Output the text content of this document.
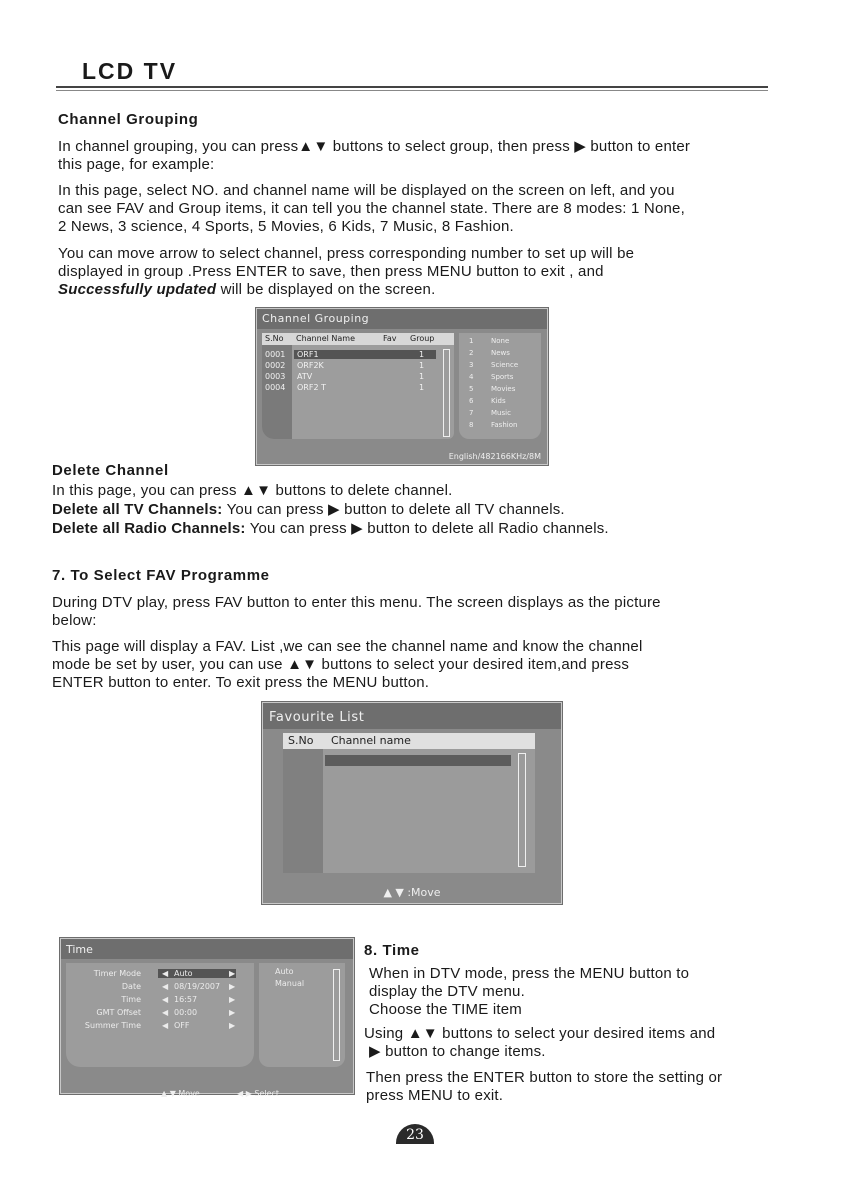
LCD TV
Channel Grouping
In channel grouping, you can press▲▼ buttons to select group, then press ▶ button to enter
this page, for example:
In this page, select NO. and channel name will be displayed on the screen on left, and you
can see FAV and Group items, it can tell you the channel state. There are 8 modes: 1 None,
2 News, 3 science, 4 Sports, 5 Movies, 6 Kids, 7 Music, 8 Fashion.
You can move arrow to select channel, press corresponding number to set up will be
displayed in group .Press ENTER to save, then press MENU button to exit , and
Successfully updated will be displayed on the screen.
Channel Grouping
S.No Channel Name	Fav Group
0001 ORF1	1
0002 ORF2K	1
0003 ATV	1
0004 ORF2 T	1
1	None
2	News
3	Science
4	Sports
5	Movies
6	Kids
7	Music
8	Fashion
English/482166KHz/8M
Delete Channel
In this page, you can press ▲▼ buttons to delete channel.
Delete all TV Channels: You can press ▶ button to delete all TV channels.
Delete all Radio Channels: You can press ▶ button to delete all Radio channels.
7. To Select FAV Programme
During DTV play, press FAV button to enter this menu. The screen displays as the picture
below:
This page will display a FAV. List ,we can see the channel name and know the channel
mode be set by user, you can use ▲▼ buttons to select your desired item,and press
ENTER button to enter. To exit press the MENU button.
Favourite List
S.No Channel name
▲ ▼ :Move
Time
Timer Mode	◀ Auto	▶
Date	◀ 08/19/2007 ▶
Time	◀ 16:57	▶
GMT Offset	◀ 00:00	▶
Summer Time	◀ OFF	▶
Auto
Manual
▲ ▼ Move	◀ ▶ Select
8. Time
When in DTV mode, press the MENU button to
display the DTV menu.
Choose the TIME item
Using ▲▼ buttons to select your desired items and
▶ button to change items.
Then press the ENTER button to store the setting or
press MENU to exit.
23
